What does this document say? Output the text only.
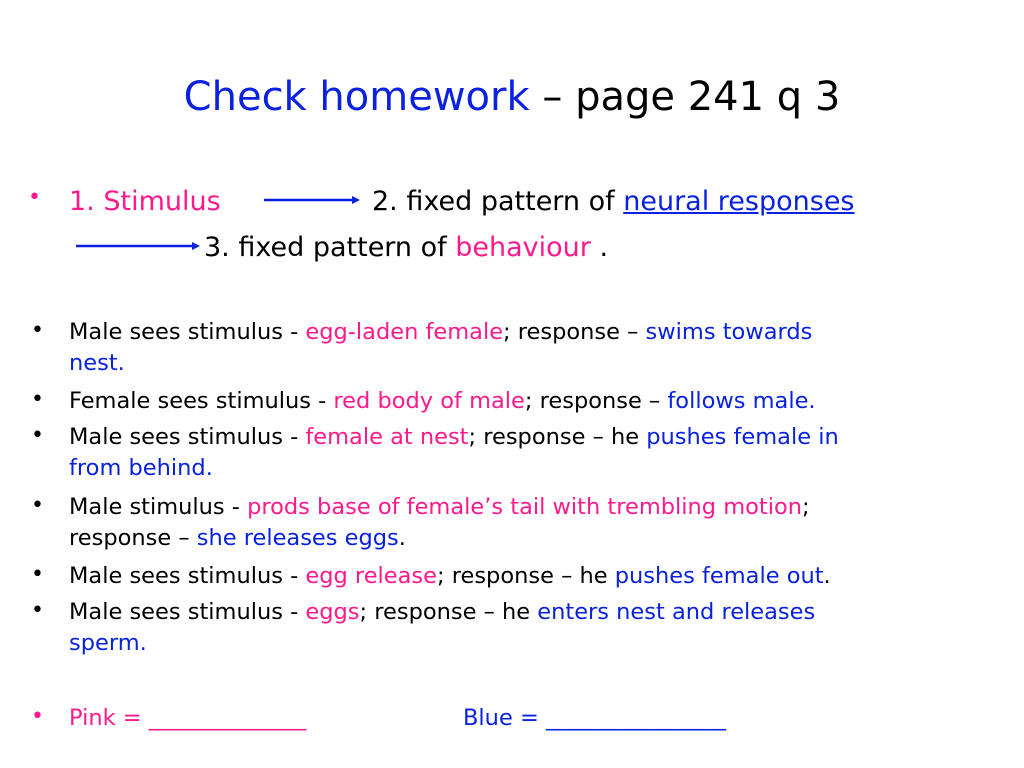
Check homework – page 241 q 3
• 1. Stimulus	2. fixed pattern of neural responses
3. fixed pattern of behaviour .
• Male sees stimulus - egg-laden female; response – swims towards
nest.
• Female sees stimulus - red body of male; response – follows male.
• Male sees stimulus - female at nest; response – he pushes female in
from behind.
• Male stimulus - prods base of female’s tail with trembling motion;
response – she releases eggs.
• Male sees stimulus - egg release; response – he pushes female out.
• Male sees stimulus - eggs; response – he enters nest and releases
sperm.
• Pink = ______________	Blue = ________________
